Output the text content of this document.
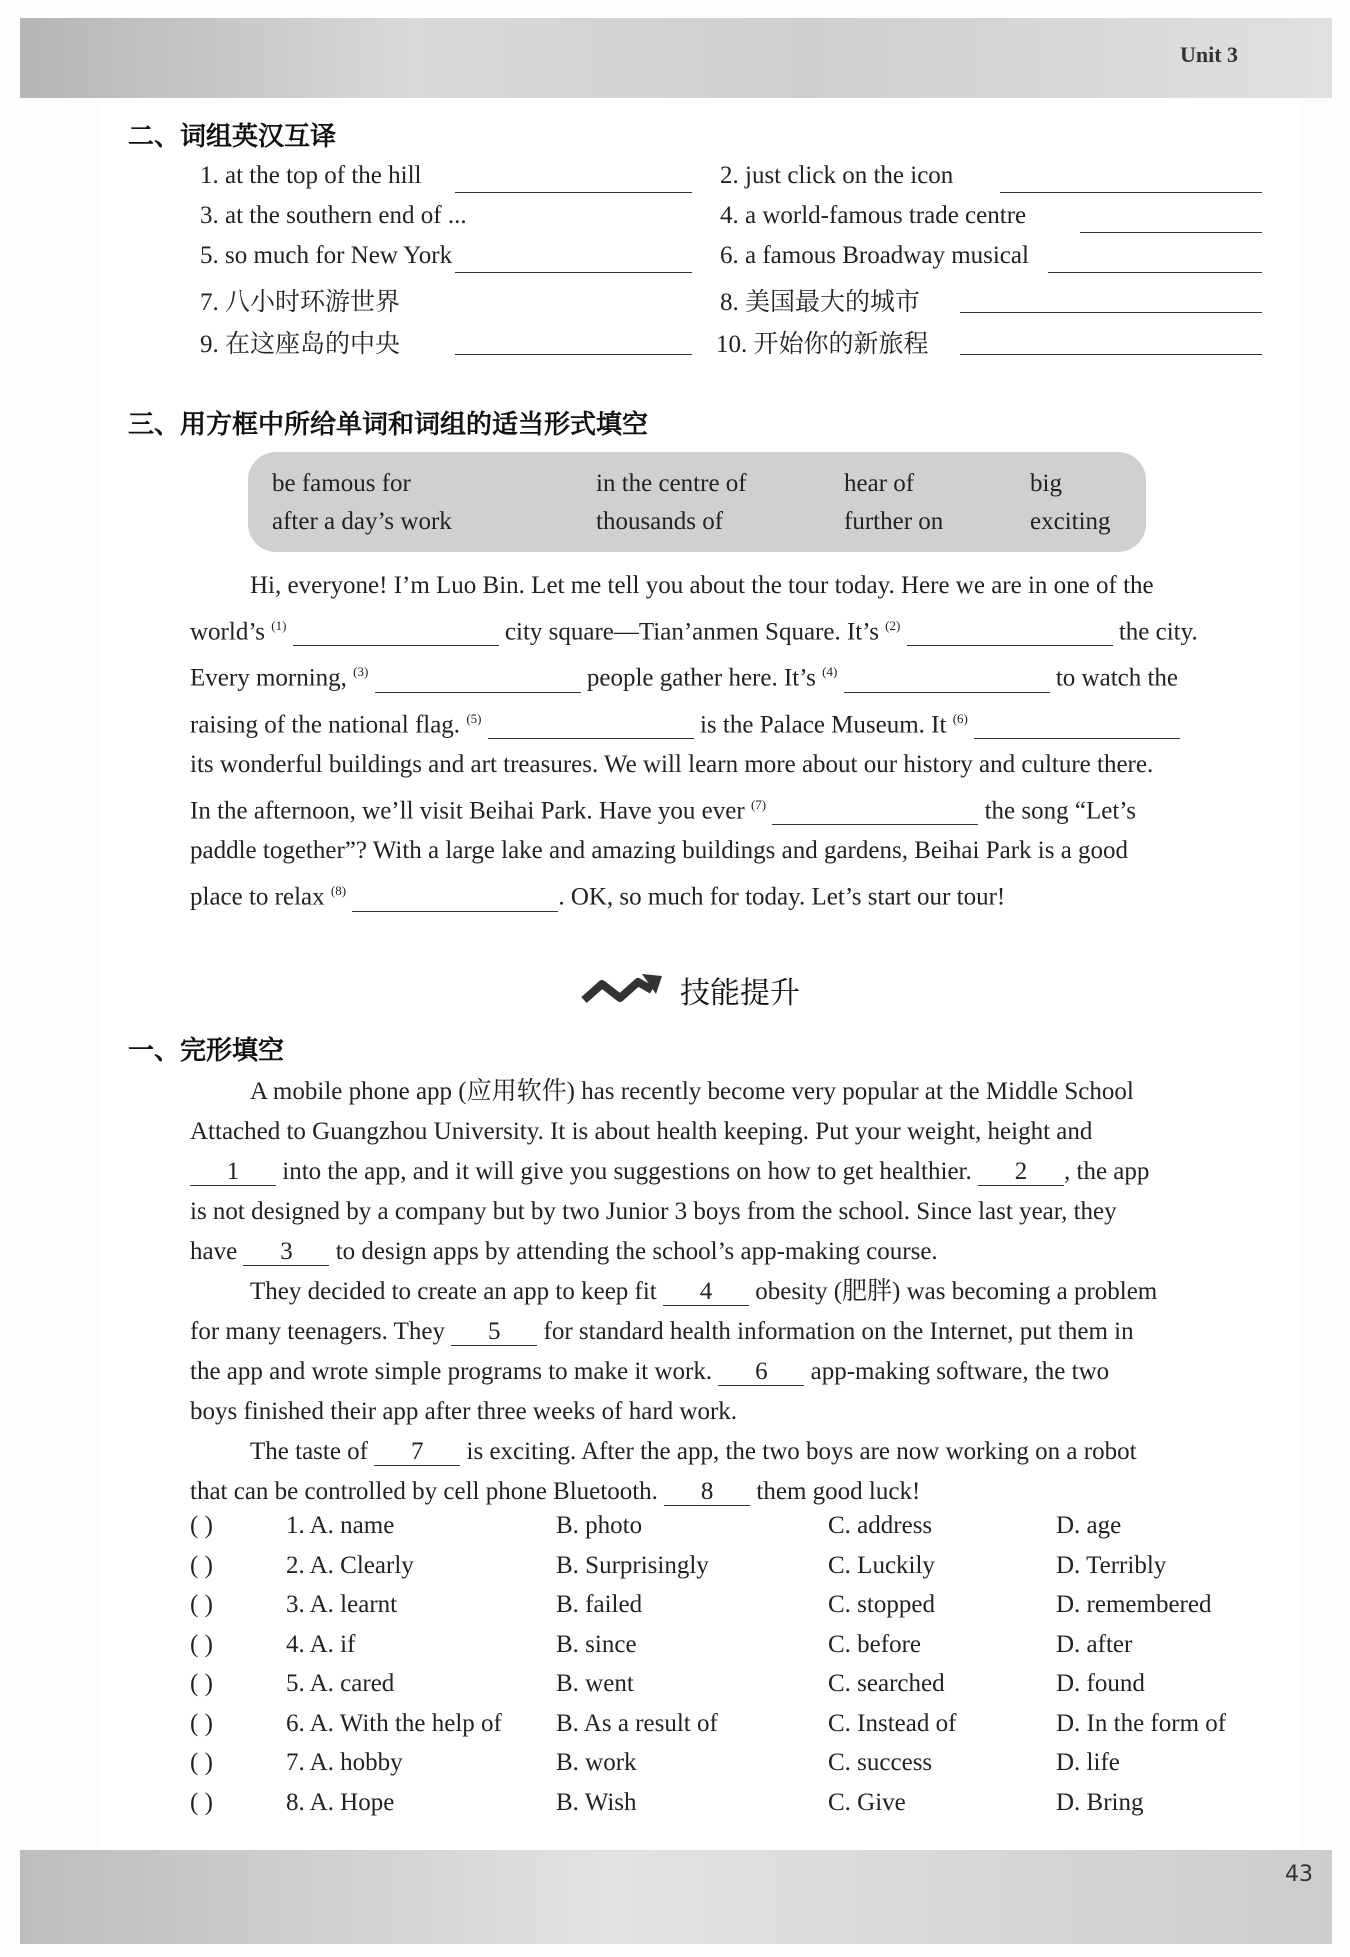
Unit 3
43
二、词组英汉互译
1. at the top of the hill	2. just click on the icon
3. at the southern end of ...	4. a world-famous trade centre
5. so much for New York	6. a famous Broadway musical
7. 八小时环游世界	8. 美国最大的城市
9. 在这座岛的中央	10. 开始你的新旅程
三、用方框中所给单词和词组的适当形式填空
be famous for	in the centre of	hear of	big
after a day’s work	thousands of	further on	exciting
Hi, everyone! I’m Luo Bin. Let me tell you about the tour today. Here we are in one of the
world’s $^{(1)}$	city square—Tian’anmen Square. It’s $^{(2)}$	the city.
Every morning, $^{(3)}$	people gather here. It’s $^{(4)}$	to watch the
raising of the national flag. $^{(5)}$	is the Palace Museum. It $^{(6)}$
its wonderful buildings and art treasures. We will learn more about our history and culture there.
In the afternoon, we’ll visit Beihai Park. Have you ever $^{(7)}$	the song “Let’s
paddle together”? With a large lake and amazing buildings and gardens, Beihai Park is a good
place to relax $^{(8)}$	. OK, so much for today. Let’s start our tour!
技能提升
一、完形填空
A mobile phone app (应用软件) has recently become very popular at the Middle School
Attached to Guangzhou University. It is about health keeping. Put your weight, height and
1 into the app, and it will give you suggestions on how to get healthier. 2 , the app
is not designed by a company but by two Junior 3 boys from the school. Since last year, they
have 3 to design apps by attending the school’s app-making course.
They decided to create an app to keep fit 4 obesity (肥胖) was becoming a problem
for many teenagers. They 5 for standard health information on the Internet, put them in
the app and wrote simple programs to make it work. 6 app-making software, the two
boys finished their app after three weeks of hard work.
The taste of 7 is exciting. After the app, the two boys are now working on a robot
that can be controlled by cell phone Bluetooth. 8 them good luck!
( )	1. A. name	B. photo	C. address	D. age
( )	2. A. Clearly	B. Surprisingly	C. Luckily	D. Terribly
( )	3. A. learnt	B. failed	C. stopped	D. remembered
( )	4. A. if	B. since	C. before	D. after
( )	5. A. cared	B. went	C. searched	D. found
( )	6. A. With the help of B. As a result of	C. Instead of	D. In the form of
( )	7. A. hobby	B. work	C. success	D. life
( )	8. A. Hope	B. Wish	C. Give	D. Bring
